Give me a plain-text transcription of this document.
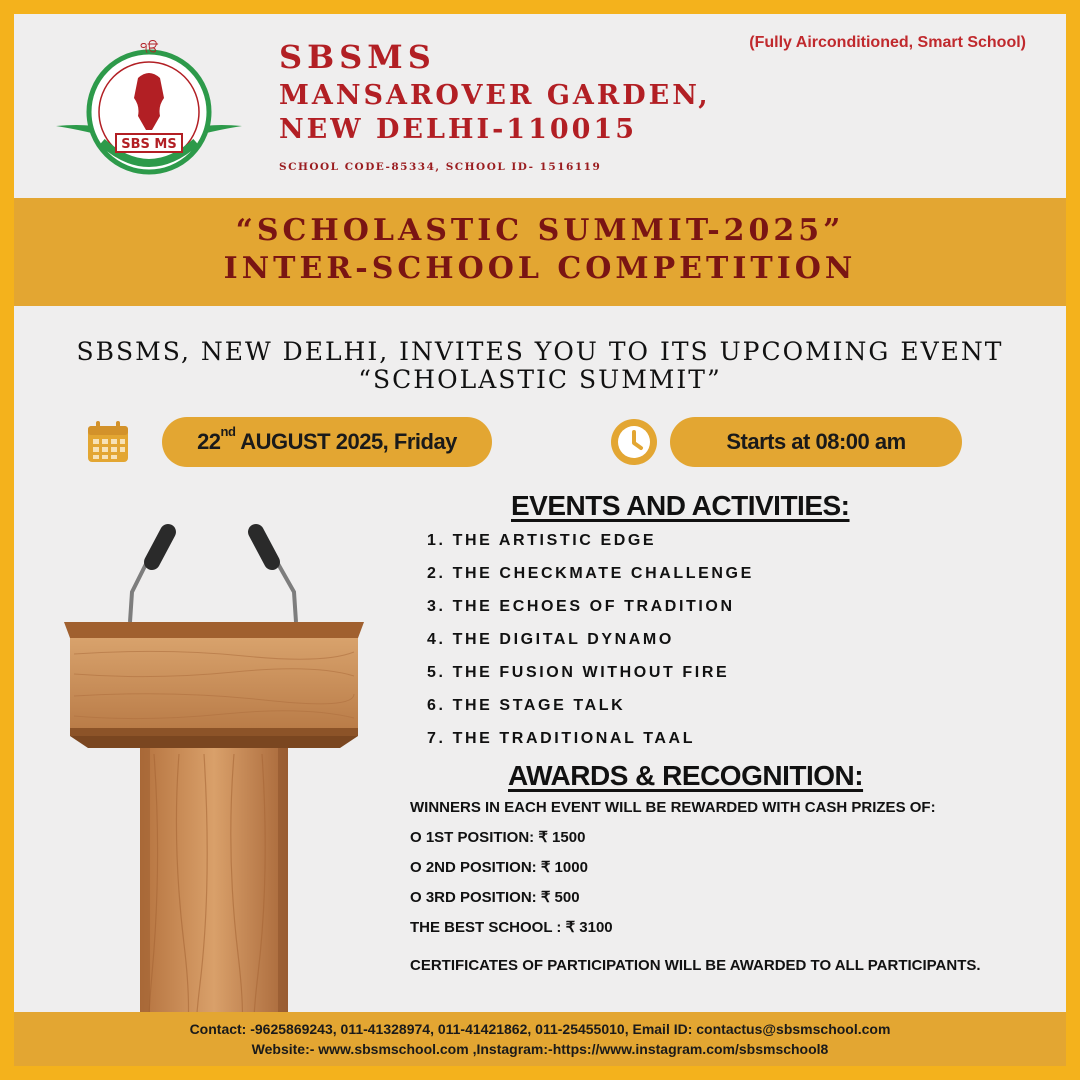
੧ੳ
SBS MS
SBSMS
MANSAROVER GARDEN,
NEW DELHI-110015
SCHOOL CODE-85334, SCHOOL ID- 1516119
(Fully Airconditioned, Smart School)
“SCHOLASTIC SUMMIT-2025”
INTER-SCHOOL COMPETITION
SBSMS, NEW DELHI, INVITES YOU TO ITS UPCOMING EVENT
“SCHOLASTIC SUMMIT”
22nd AUGUST 2025, Friday	Starts at 08:00 am
EVENTS AND ACTIVITIES:
1. THE ARTISTIC EDGE
2. THE CHECKMATE CHALLENGE
3. THE ECHOES OF TRADITION
4. THE DIGITAL DYNAMO
5. THE FUSION WITHOUT FIRE
6. THE STAGE TALK
7. THE TRADITIONAL TAAL
AWARDS & RECOGNITION:
WINNERS IN EACH EVENT WILL BE REWARDED WITH CASH PRIZES OF:
O 1ST POSITION: ₹ 1500
O 2ND POSITION: ₹ 1000
O 3RD POSITION: ₹ 500
THE BEST SCHOOL : ₹ 3100
CERTIFICATES OF PARTICIPATION WILL BE AWARDED TO ALL PARTICIPANTS.
Contact: -9625869243, 011-41328974, 011-41421862, 011-25455010, Email ID: contactus@sbsmschool.com
Website:- www.sbsmschool.com ,Instagram:-https://www.instagram.com/sbsmschool8
